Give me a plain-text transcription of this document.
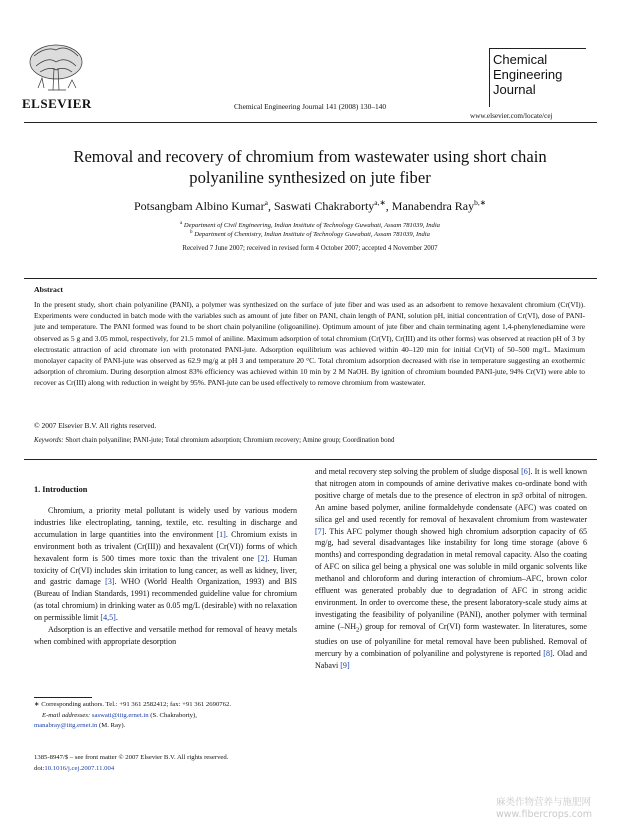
ELSEVIER	Chemical Engineering Journal 141 (2008) 130–140
Chemical
Engineering
Journal
www.elsevier.com/locate/cej
Removal and recovery of chromium from wastewater using short chain
polyaniline synthesized on jute fiber
Potsangbam Albino Kumar$^a$, Saswati Chakraborty$^{a,∗}$, Manabendra Ray$^{b,∗}$
$^a$ Department of Civil Engineering, Indian Institute of Technology Guwahati, Assam 781039, India
$^b$ Department of Chemistry, Indian Institute of Technology Guwahati, Assam 781039, India
Received 7 June 2007; received in revised form 4 October 2007; accepted 4 November 2007
Abstract
In the present study, short chain polyaniline (PANI), a polymer was synthesized on the surface of jute fiber and was used as an adsorbent to remove hexavalent chromium (Cr(VI)). Experiments were conducted in batch mode with the variables such as amount of jute fiber on PANI, chain length of PANI, solution pH, initial concentration of Cr(VI), dose of PANI-jute and temperature. The PANI formed was found to be short chain polyaniline (oligoaniline). Optimum amount of jute fiber and chain terminating agent 1,4-phenylenediamine were observed as 5 g and 3.05 mmol, respectively, for 21.5 mmol of aniline. Maximum adsorption of total chromium (Cr(VI), Cr(III) and its other forms) was observed at reaction pH of 3 by electrostatic attraction of acid chromate ion with protonated PANI-jute. Adsorption equilibrium was achieved within 40–120 min for initial Cr(VI) of 50–500 mg/L. Maximum monolayer capacity of PANI-jute was observed as 62.9 mg/g at pH 3 and temperature 20 °C. Total chromium adsorption decreased with rise in temperature suggesting an exothermic adsorption of chromium. During desorption almost 83% efficiency was achieved within 10 min by 2 M NaOH. By ignition of chromium bounded PANI-jute, 94% Cr(VI) were able to recover as Cr(III) along with reduction in weight by 95%. PANI-jute can be used effectively to remove chromium from wastewater.
© 2007 Elsevier B.V. All rights reserved.
Keywords: Short chain polyaniline; PANI-jute; Total chromium adsorption; Chromium recovery; Amine group; Coordination bond
1. Introduction

Chromium, a priority metal pollutant is widely used by various modern industries like electroplating, tanning, textile, etc. resulting in discharge and accumulation in large quantities into the environment [1]. Chromium exists in environment both as trivalent (Cr(III)) and hexavalent (Cr(VI)) forms of which hexavalent form is 500 times more toxic than the trivalent one [2]. Human toxicity of Cr(VI) includes skin irritation to lung cancer, as well as kidney, liver, and gastric damage [3]. WHO (World Health Organization, 1993) and BIS (Bureau of Indian Standards, 1991) recommended guideline value for chromium (as total chromium) in drinking water as 0.05 mg/L (desirable) with no relaxation on permissible limit [4,5].

Adsorption is an effective and versatile method for removal of heavy metals when combined with appropriate desorption

and metal recovery step solving the problem of sludge disposal [6]. It is well known that nitrogen atom in compounds of amine derivative makes co-ordinate bond with positive charge of metals due to the presence of electron in sp3 orbital of nitrogen. An amine based polymer, aniline formaldehyde condensate (AFC) was coated on silica gel and used recently for removal of hexavalent chromium from wastewater [7]. This AFC polymer though showed high chromium adsorption capacity of 65 mg/g, had several disadvantages like instability for long time storage (above 6 months) and corresponding degradation in metal removal capacity. Also the coating of AFC on silica gel being a physical one was soluble in mild organic solvents like methanol and chloroform and during interaction of chromium–AFC, brown color effluent was generated probably due to degradation of AFC in strong acidic environment. In order to overcome these, the present laboratory-scale study aims at investigating the feasibility of polyaniline (PANI), another polymer with terminal amine $(-NH_2)$ group for removal of Cr(VI) form wastewater. In literatures, some studies on use of polyaniline for metal removal have been published. Removal of mercury by a combination of polyaniline and polystyrene is reported [8]. Olad and Nabavi [9]

∗ Corresponding authors. Tel.: +91 361 2582412; fax: +91 361 2690762.
E-mail addresses: saswati@iitg.ernet.in (S. Chakraborty),
manabray@iitg.ernet.in (M. Ray).
1385-8947/$ – see front matter © 2007 Elsevier B.V. All rights reserved.
doi:10.1016/j.cej.2007.11.004
麻类作物营养与施肥网
www.fibercrops.com
